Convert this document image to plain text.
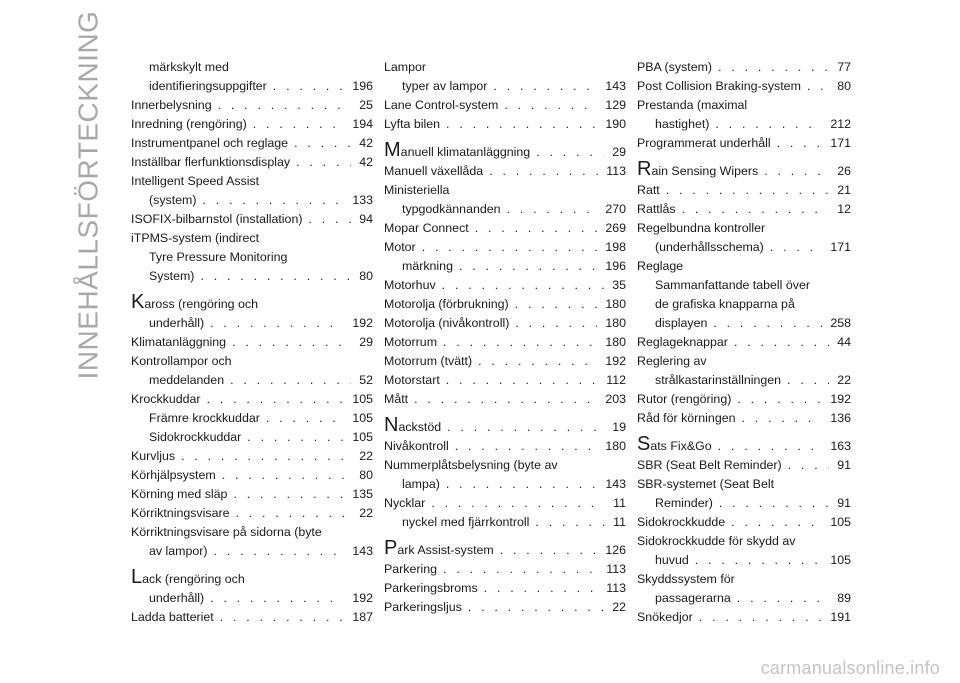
INNEHÅLLSFÖRTECKNING	märkskylt med
identifieringsuppgifter . . .	196
Innerbelysning . . .	25
Inredning (rengöring) . . .	194
Instrumentpanel och reglage . . .	42
Inställbar flerfunktionsdisplay . . .	42
Intelligent Speed Assist
(system) . . .	133
ISOFIX-bilbarnstol (installation) . . .	94
iTPMS-system (indirect
Tyre Pressure Monitoring
System) . . .	80
Kaross (rengöring och
underhåll) . . .	192
Klimatanläggning . . .	29
Kontrollampor och
meddelanden . . .	52
Krockkuddar . . .	105
Främre krockkuddar . . .	105
Sidokrockkuddar . . .	105
Kurvljus . . .	22
Körhjälpsystem . . .	80
Körning med släp . . .	135
Körriktningsvisare . . .	22
Körriktningsvisare på sidorna (byte
av lampor) . . .	143
Lack (rengöring och
underhåll) . . .	192
Ladda batteriet . . .	187
Lampor
typer av lampor . . .	143
Lane Control-system . . .	129
Lyfta bilen . . .	190
Manuell klimatanläggning . . .	29
Manuell växellåda . . .	113
Ministeriella
typgodkännanden . . .	270
Mopar Connect . . .	269
Motor . . .	198
märkning . . .	196
Motorhuv . . .	35
Motorolja (förbrukning) . . .	180
Motorolja (nivåkontroll) . . .	180
Motorrum . . .	180
Motorrum (tvätt) . . .	192
Motorstart . . .	112
Mått . . .	203
Nackstöd . . .	19
Nivåkontroll . . .	180
Nummerplåtsbelysning (byte av
lampa) . . .	143
Nycklar . . .	11
nyckel med fjärrkontroll . . .	11
Park Assist-system . . .	126
Parkering . . .	113
Parkeringsbroms . . .	113
Parkeringsljus . . .	22
PBA (system) . . .	77
Post Collision Braking-system . . .	80
Prestanda (maximal
hastighet) . . .	212
Programmerat underhåll . . .	171
Rain Sensing Wipers . . .	26
Ratt . . .	21
Rattlås . . .	12
Regelbundna kontroller
(underhållsschema) . . .	171
Reglage
Sammanfattande tabell över
de grafiska knapparna på
displayen . . .	258
Reglageknappar . . .	44
Reglering av
strålkastarinställningen . . .	22
Rutor (rengöring) . . .	192
Råd för körningen . . .	136
Sats Fix&Go . . .	163
SBR (Seat Belt Reminder) . . .	91
SBR-systemet (Seat Belt
Reminder) . . .	91
Sidokrockkudde . . .	105
Sidokrockkudde för skydd av
huvud . . .	105
Skyddssystem för
passagerarna . . .	89
Snökedjor . . .	191
carmanualsonline.info
